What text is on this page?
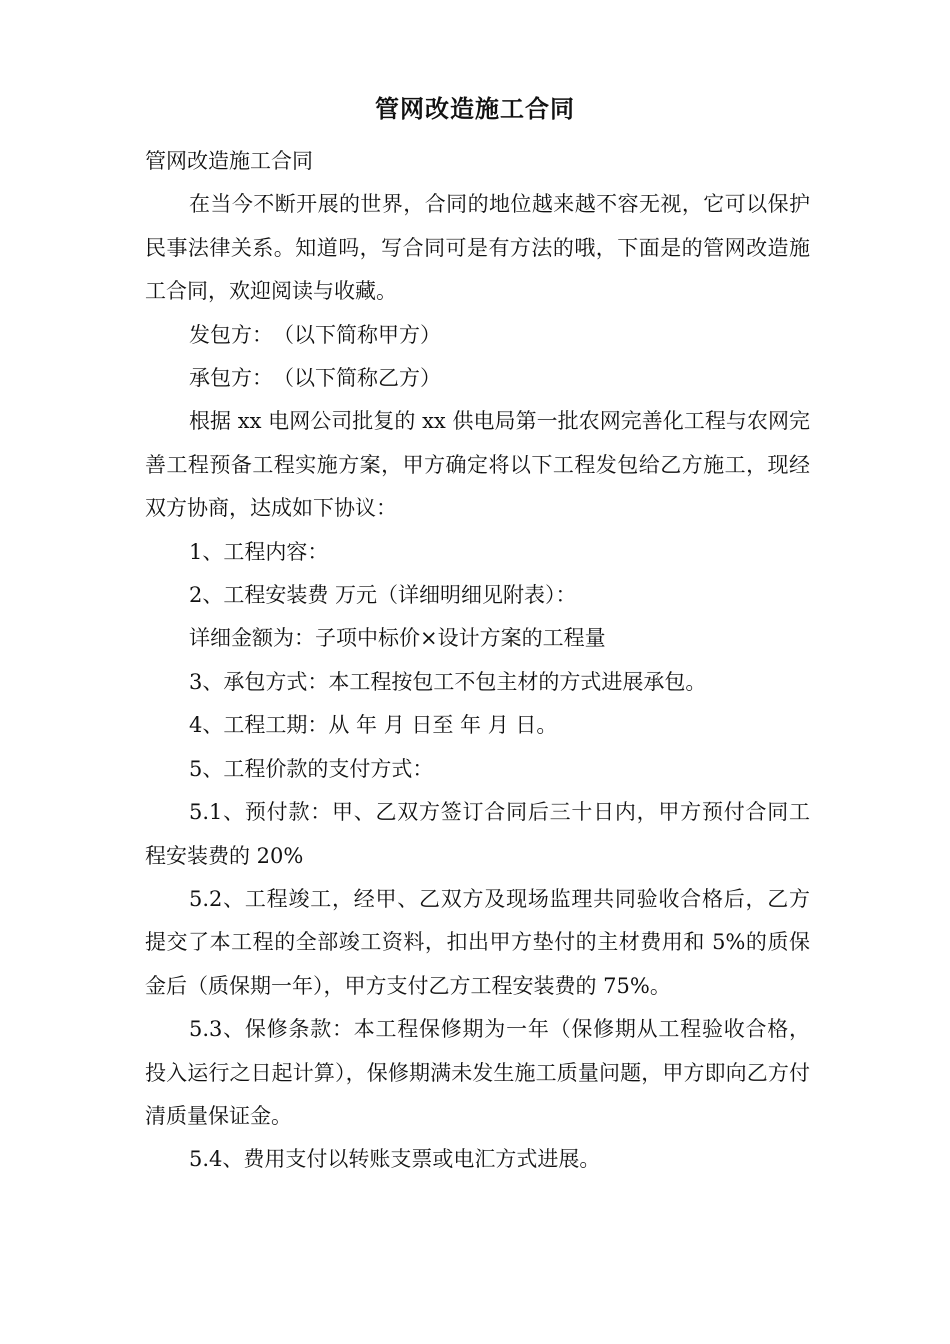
管网改造施工合同

管网改造施工合同

在当今不断开展的世界，合同的地位越来越不容无视，它可以保护民事法律关系。知道吗，写合同可是有方法的哦，下面是的管网改造施工合同，欢迎阅读与收藏。

发包方：　（以下简称甲方）

承包方：　（以下简称乙方）

根据 xx 电网公司批复的 xx 供电局第一批农网完善化工程与农网完善工程预备工程实施方案，甲方确定将以下工程发包给乙方施工，现经双方协商，达成如下协议：

1、工程内容：

2、工程安装费 万元（详细明细见附表）：

详细金额为：子项中标价×设计方案的工程量

3、承包方式：本工程按包工不包主材的方式进展承包。

4、工程工期：从 年 月 日至 年 月 日。

5、工程价款的支付方式：

5.1、预付款：甲、乙双方签订合同后三十日内，甲方预付合同工程安装费的 20%

5.2、工程竣工，经甲、乙双方及现场监理共同验收合格后，乙方提交了本工程的全部竣工资料，扣出甲方垫付的主材费用和 5%的质保金后（质保期一年），甲方支付乙方工程安装费的 75%。

5.3、保修条款：本工程保修期为一年（保修期从工程验收合格，投入运行之日起计算），保修期满未发生施工质量问题，甲方即向乙方付清质量保证金。

5.4、费用支付以转账支票或电汇方式进展。
